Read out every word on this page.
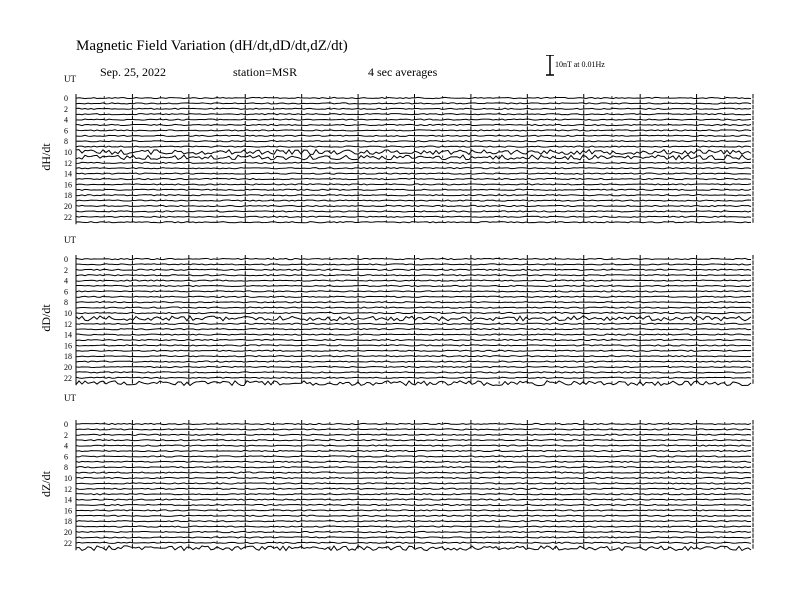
Magnetic Field Variation (dH/dt,dD/dt,dZ/dt)
Sep. 25, 2022	station=MSR	4 sec averages
10nT at 0.01Hz
UT
dH/dt
0
2
4
6
8
10
12
14
16
18
20
22
UT
dD/dt
0
2
4
6
8
10
12
14
16
18
20
22
UT
dZ/dt
0
2
4
6
8
10
12
14
16
18
20
22
